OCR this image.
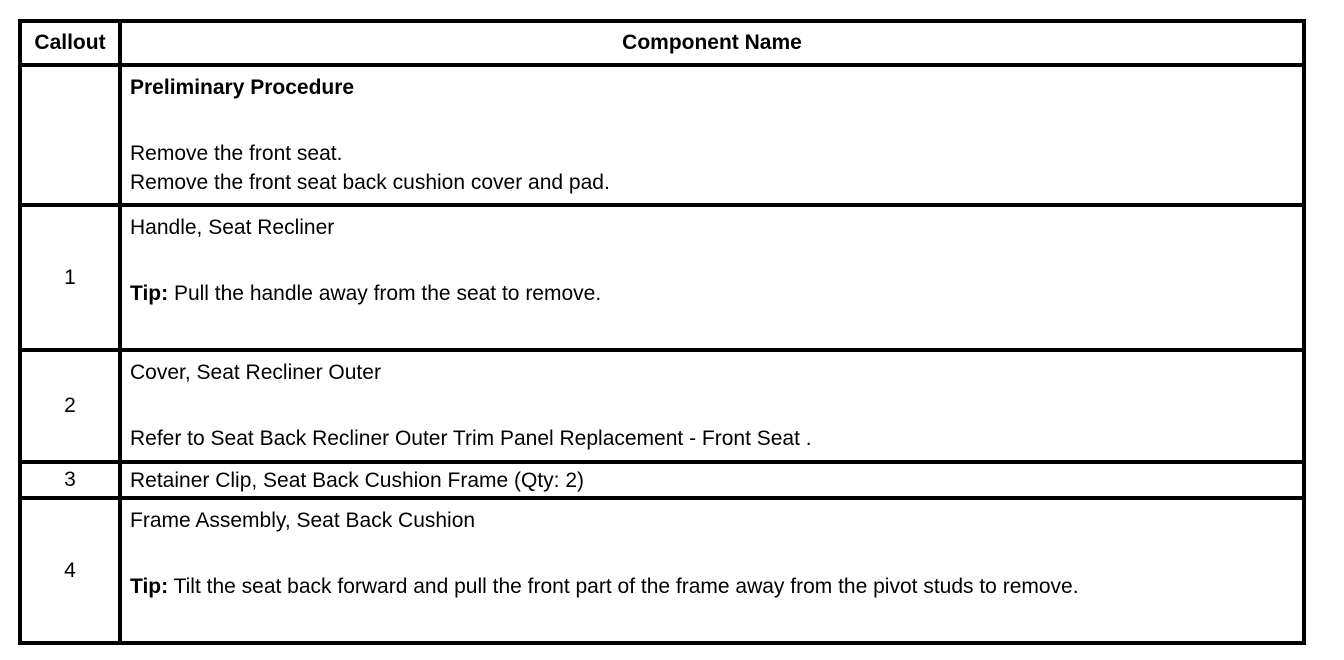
Callout	Component Name

	Preliminary Procedure
Remove the front seat.
Remove the front seat back cushion cover and pad.

1	Handle, Seat Recliner
Tip: Pull the handle away from the seat to remove.

2	Cover, Seat Recliner Outer
Refer to Seat Back Recliner Outer Trim Panel Replacement - Front Seat .

3	Retainer Clip, Seat Back Cushion Frame (Qty: 2)

4	Frame Assembly, Seat Back Cushion
Tip: Tilt the seat back forward and pull the front part of the frame away from the pivot studs to remove.
